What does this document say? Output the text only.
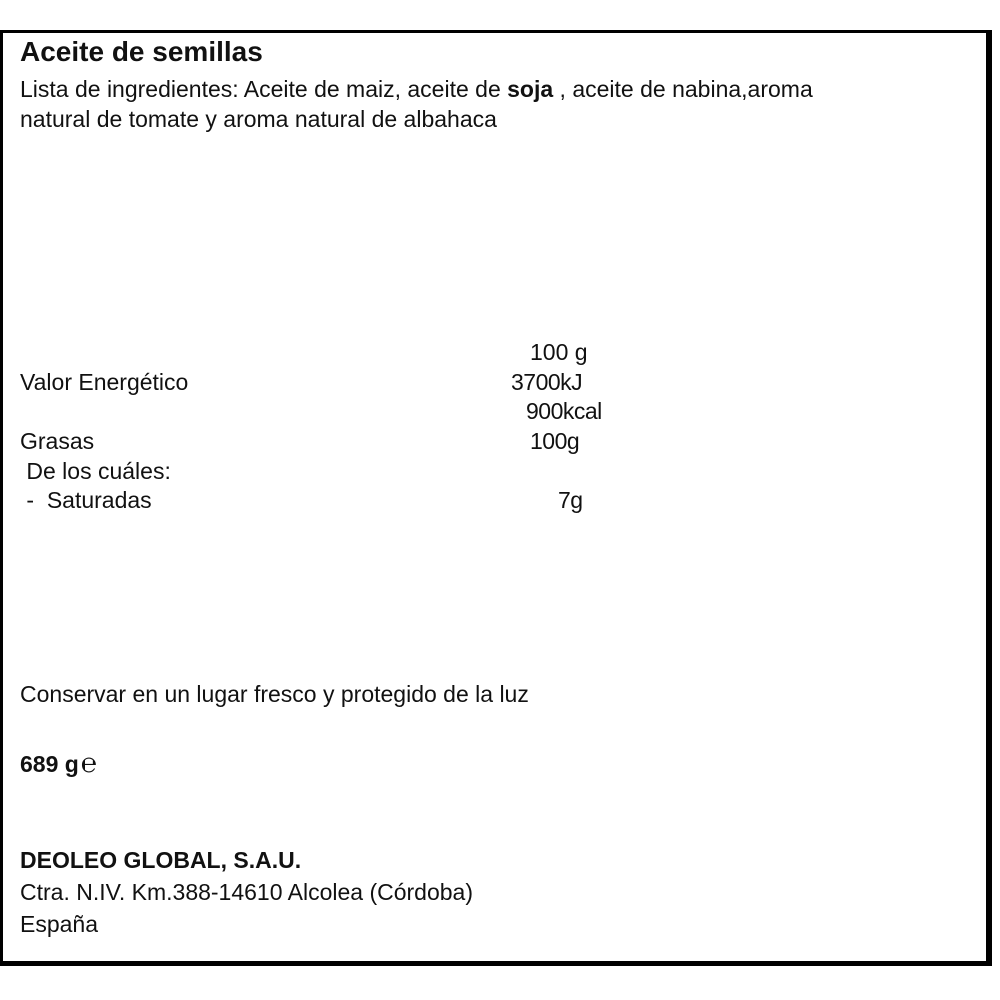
Aceite de semillas
Lista de ingredientes: Aceite de maiz, aceite de soja , aceite de nabina,aroma
natural de tomate y aroma natural de albahaca
100 g
Valor Energético	3700kJ
900kcal
Grasas	100g
De los cuáles:
-  Saturadas	7g
Conservar en un lugar fresco y protegido de la luz
689 g℮
DEOLEO GLOBAL, S.A.U.
Ctra. N.IV. Km.388-14610 Alcolea (Córdoba)
España
